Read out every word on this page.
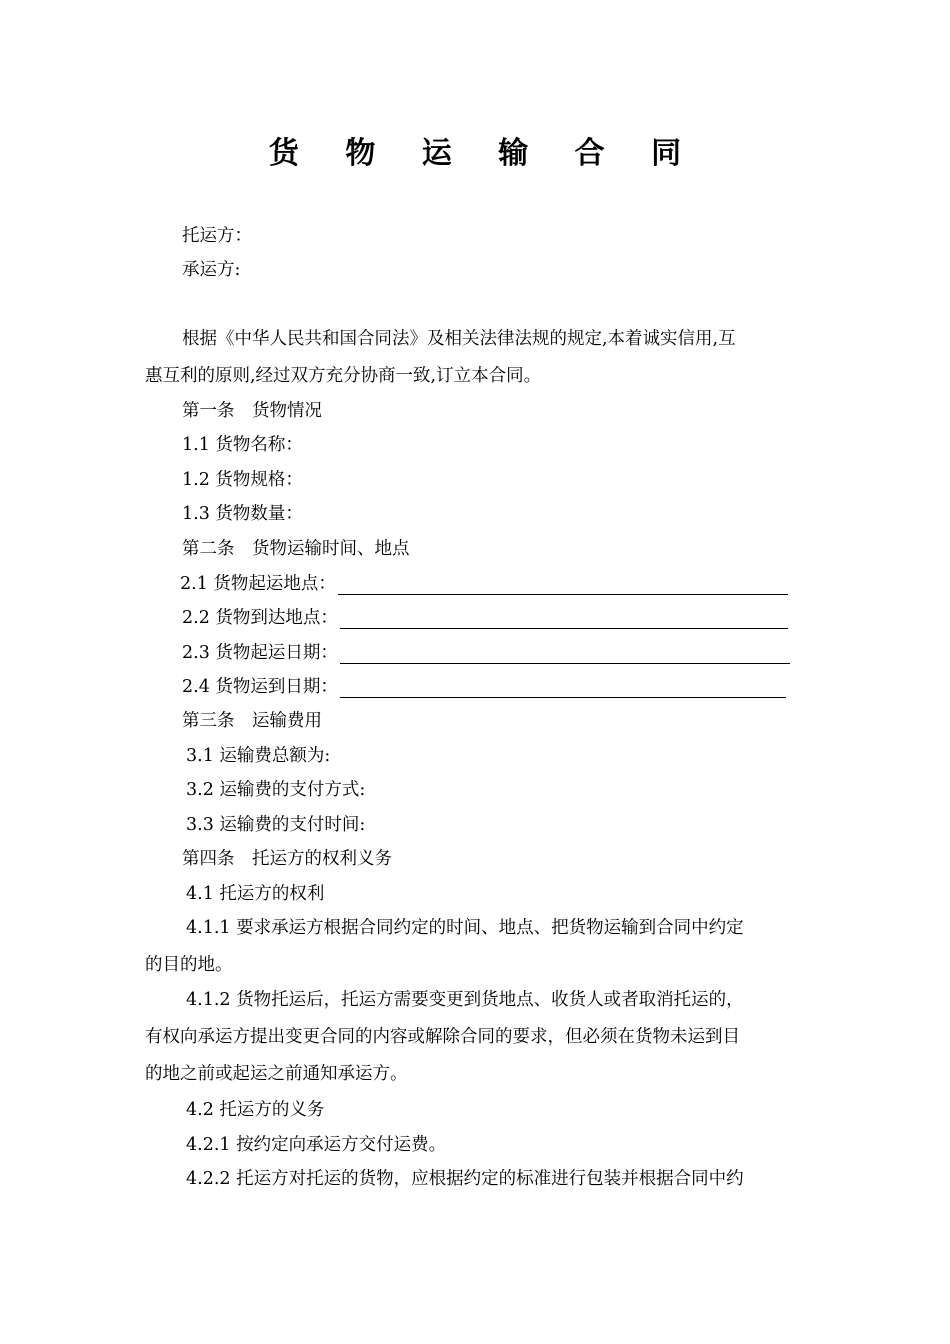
货 物 运 输 合 同
托运方：
承运方:
根据《中华人民共和国合同法》及相关法律法规的规定,本着诚实信用,互
惠互利的原则,经过双方充分协商一致,订立本合同。
第一条　货物情况
1.1 货物名称：
1.2 货物规格：
1.3 货物数量：
第二条　货物运输时间、地点
2.1 货物起运地点：
2.2 货物到达地点：
2.3 货物起运日期：
2.4 货物运到日期：
第三条　运输费用
3.1 运输费总额为:
3.2 运输费的支付方式:
3.3 运输费的支付时间:
第四条　托运方的权利义务
4.1 托运方的权利
4.1.1 要求承运方根据合同约定的时间、地点、把货物运输到合同中约定
的目的地。
4.1.2 货物托运后，托运方需要变更到货地点、收货人或者取消托运的，
有权向承运方提出变更合同的内容或解除合同的要求，但必须在货物未运到目
的地之前或起运之前通知承运方。
4.2 托运方的义务
4.2.1 按约定向承运方交付运费。
4.2.2 托运方对托运的货物，应根据约定的标准进行包装并根据合同中约
